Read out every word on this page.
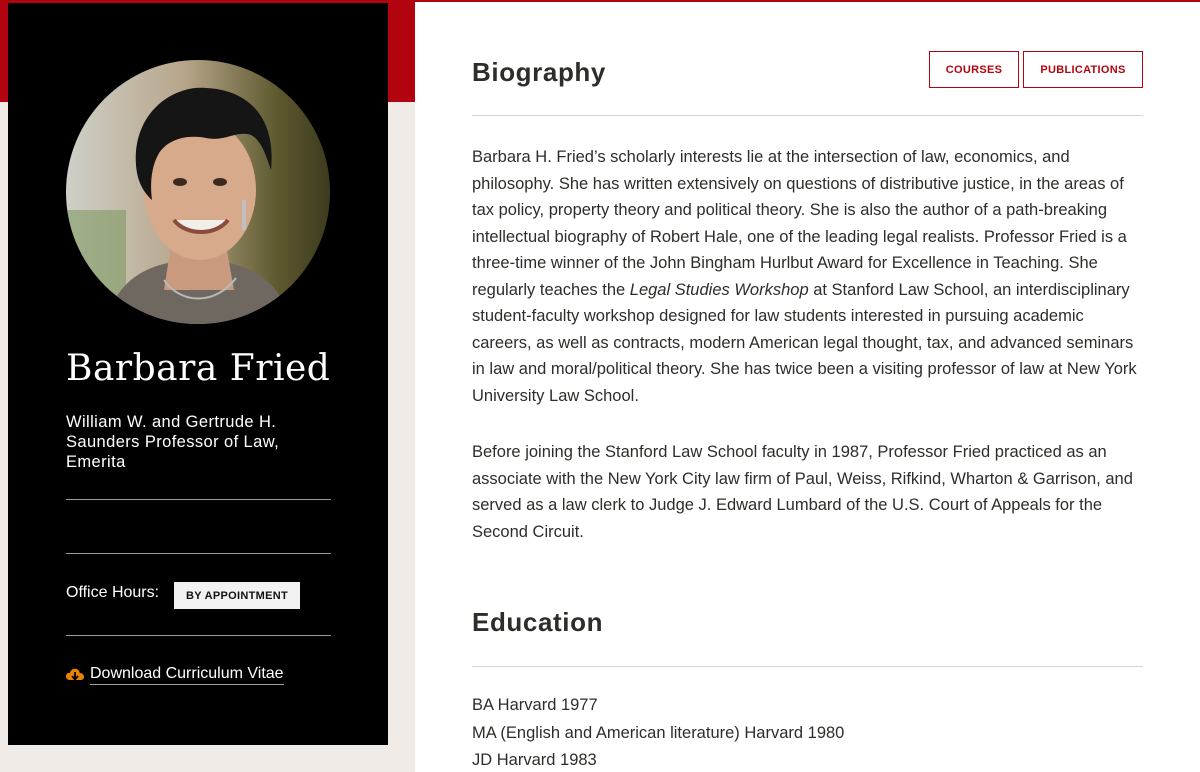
Barbara Fried

William W. and Gertrude H. Saunders Professor of Law, Emerita

Office Hours:	BY APPOINTMENT
Download Curriculum Vitae
Biography	COURSES	PUBLICATIONS

Barbara H. Fried’s scholarly interests lie at the intersection of law, economics, and philosophy. She has written extensively on questions of distributive justice, in the areas of tax policy, property theory and political theory. She is also the author of a path-breaking intellectual biography of Robert Hale, one of the leading legal realists. Professor Fried is a three-time winner of the John Bingham Hurlbut Award for Excellence in Teaching. She regularly teaches the Legal Studies Workshop at Stanford Law School, an interdisciplinary student-faculty workshop designed for law students interested in pursuing academic careers, as well as contracts, modern American legal thought, tax, and advanced seminars in law and moral/political theory. She has twice been a visiting professor of law at New York University Law School.

Before joining the Stanford Law School faculty in 1987, Professor Fried practiced as an associate with the New York City law firm of Paul, Weiss, Rifkind, Wharton & Garrison, and served as a law clerk to Judge J. Edward Lumbard of the U.S. Court of Appeals for the Second Circuit.

Education

BA Harvard 1977

MA (English and American literature) Harvard 1980

JD Harvard 1983
